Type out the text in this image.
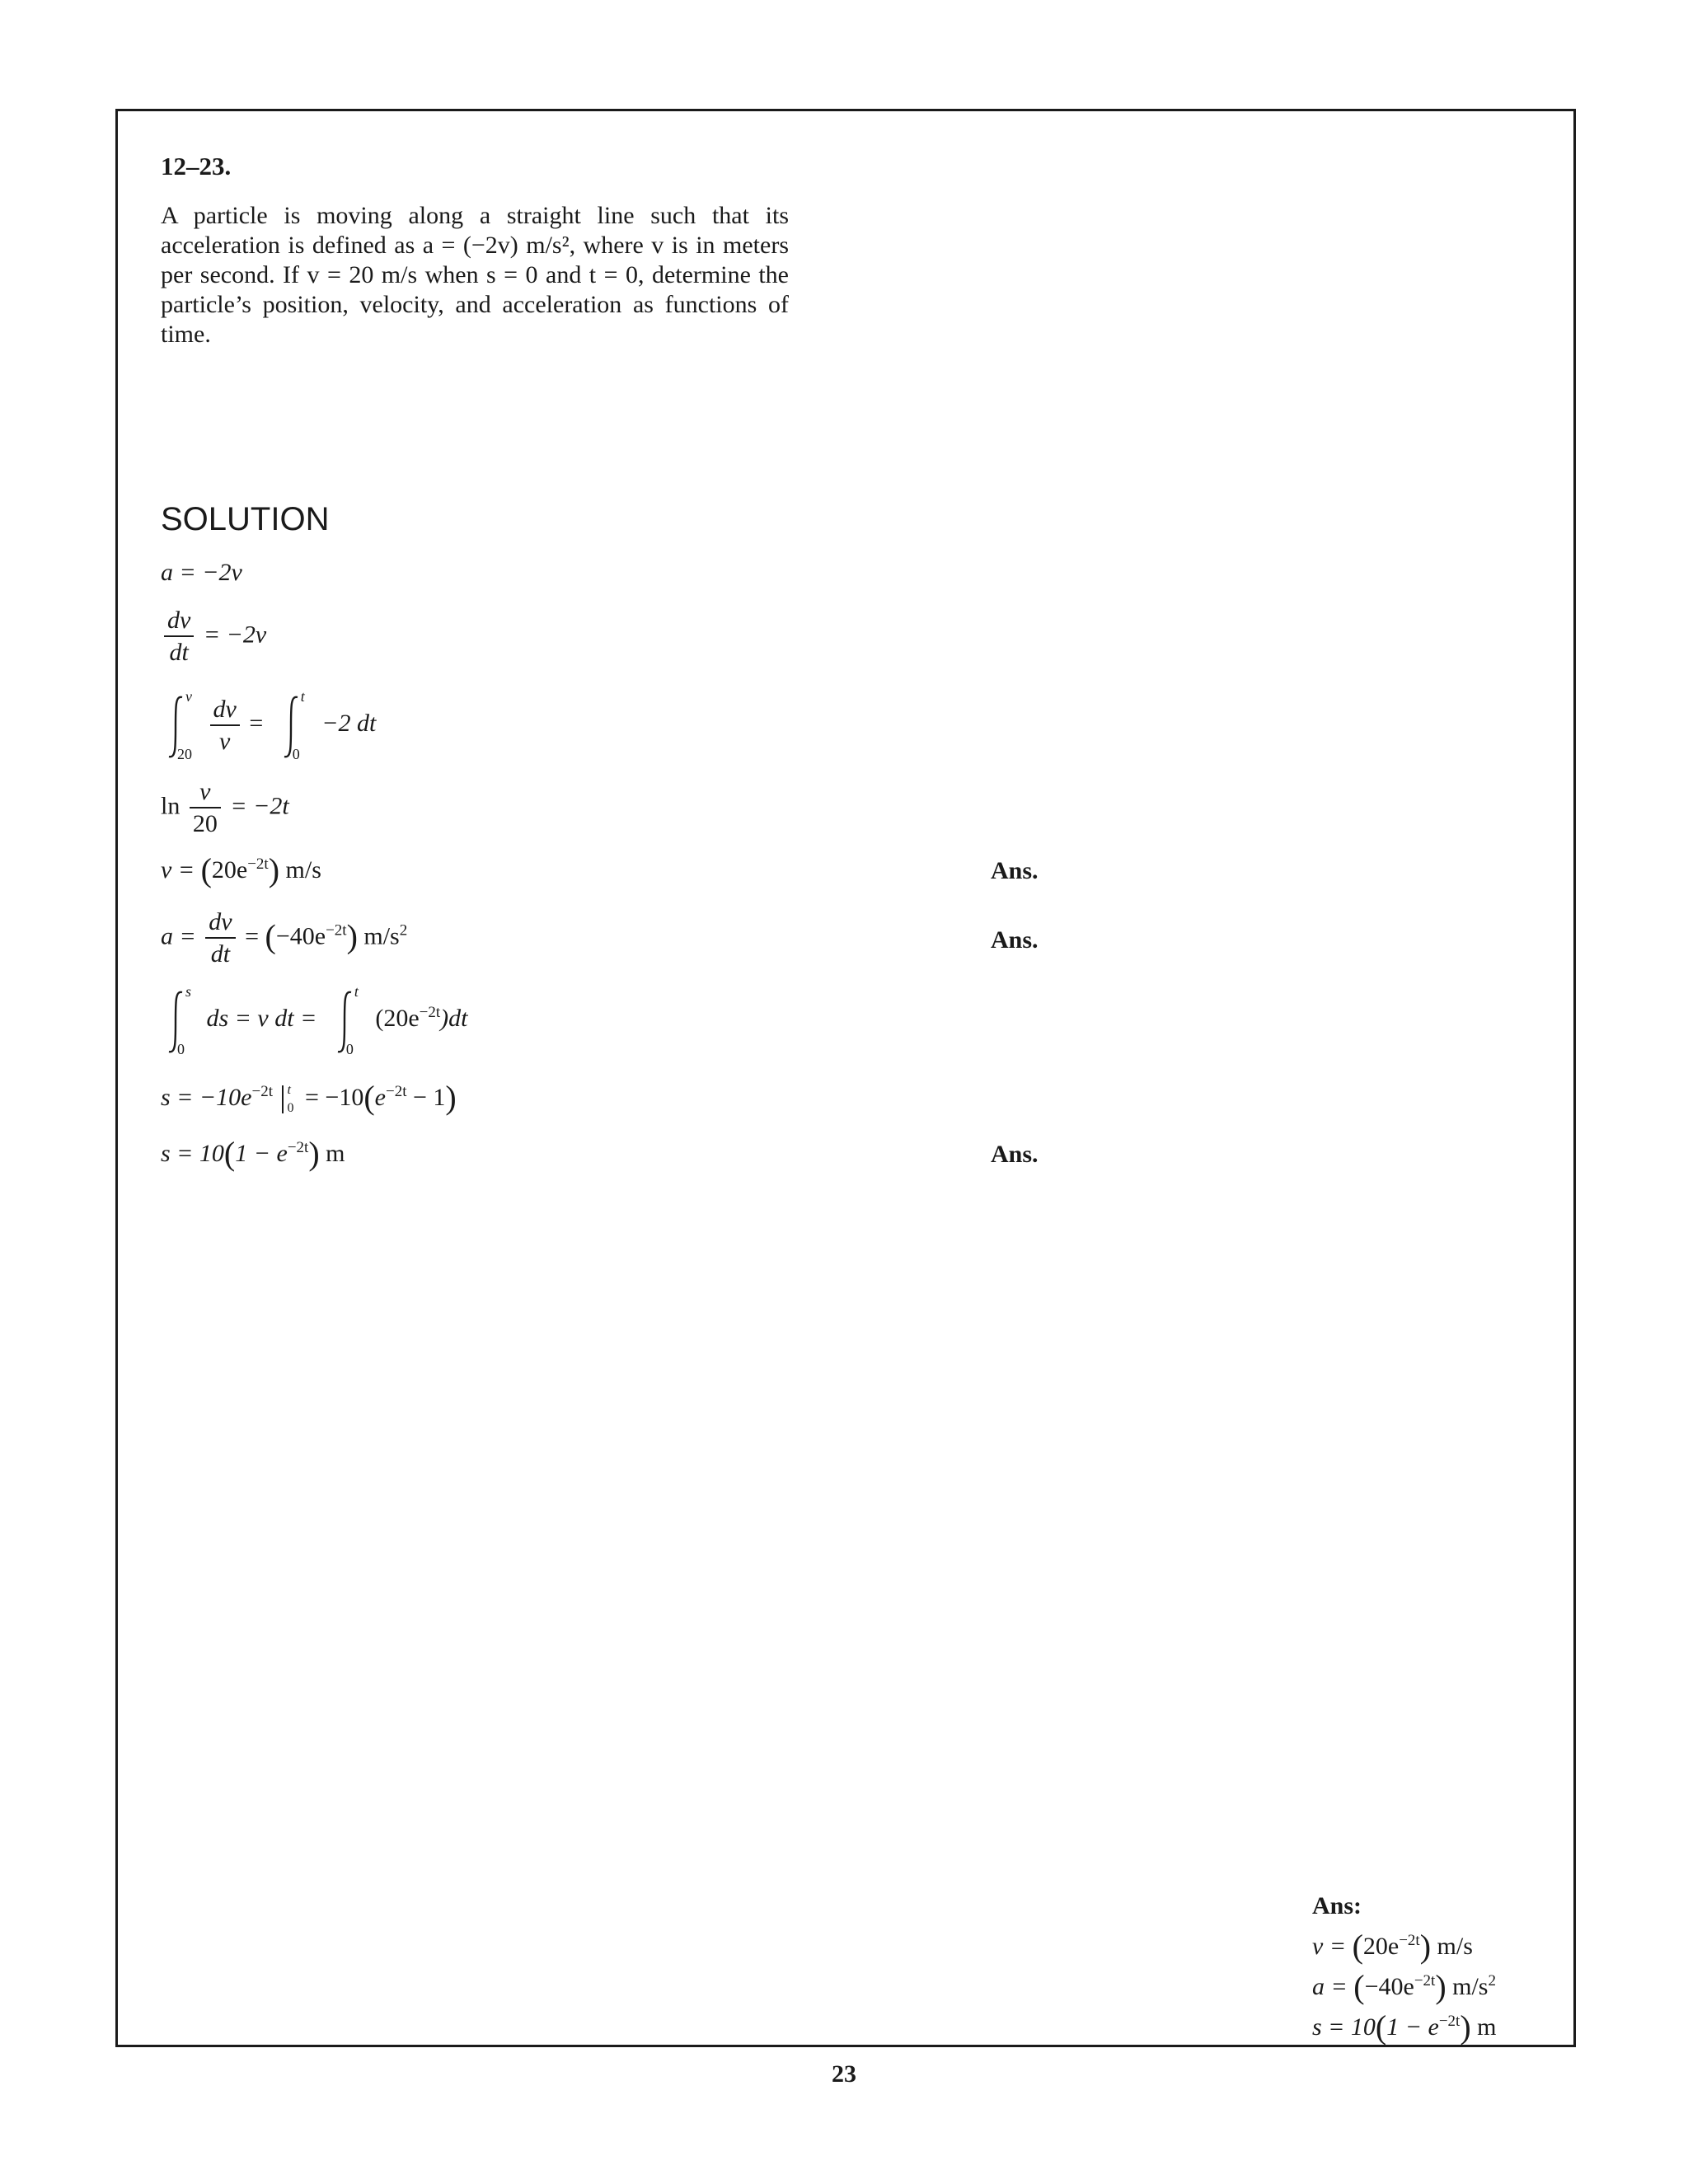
12–23.
A particle is moving along a straight line such that its acceleration is defined as a = (−2v) m/s², where v is in meters per second. If v = 20 m/s when s = 0 and t = 0, determine the particle’s position, velocity, and acceleration as functions of time.
SOLUTION
a = −2v
$\frac{dv}{dt} = -2v$
v
20

$\frac{dv}{v}$ =
t
0
−2 dt
$\ln \frac{v}{20} = -2t$
$v = (20e^{-2t})$ m/s	Ans.
$a = \frac{dv}{dt} = (-40e^{-2t})$ $m/s^2$	Ans.
s
0
ds = v dt =
t
0
$(20e^{-2t})dt$
$s = -10e^{-2t}$ t
$0 = -10(e^{-2t} - 1)$
$s = 10(1 - e^{-2t})$ m	Ans.
Ans:
$v = (20e^{-2t})$ m/s
$a = (-40e^{-2t})$ $m/s^2$
$s = 10(1 - e^{-2t})$ m
23
